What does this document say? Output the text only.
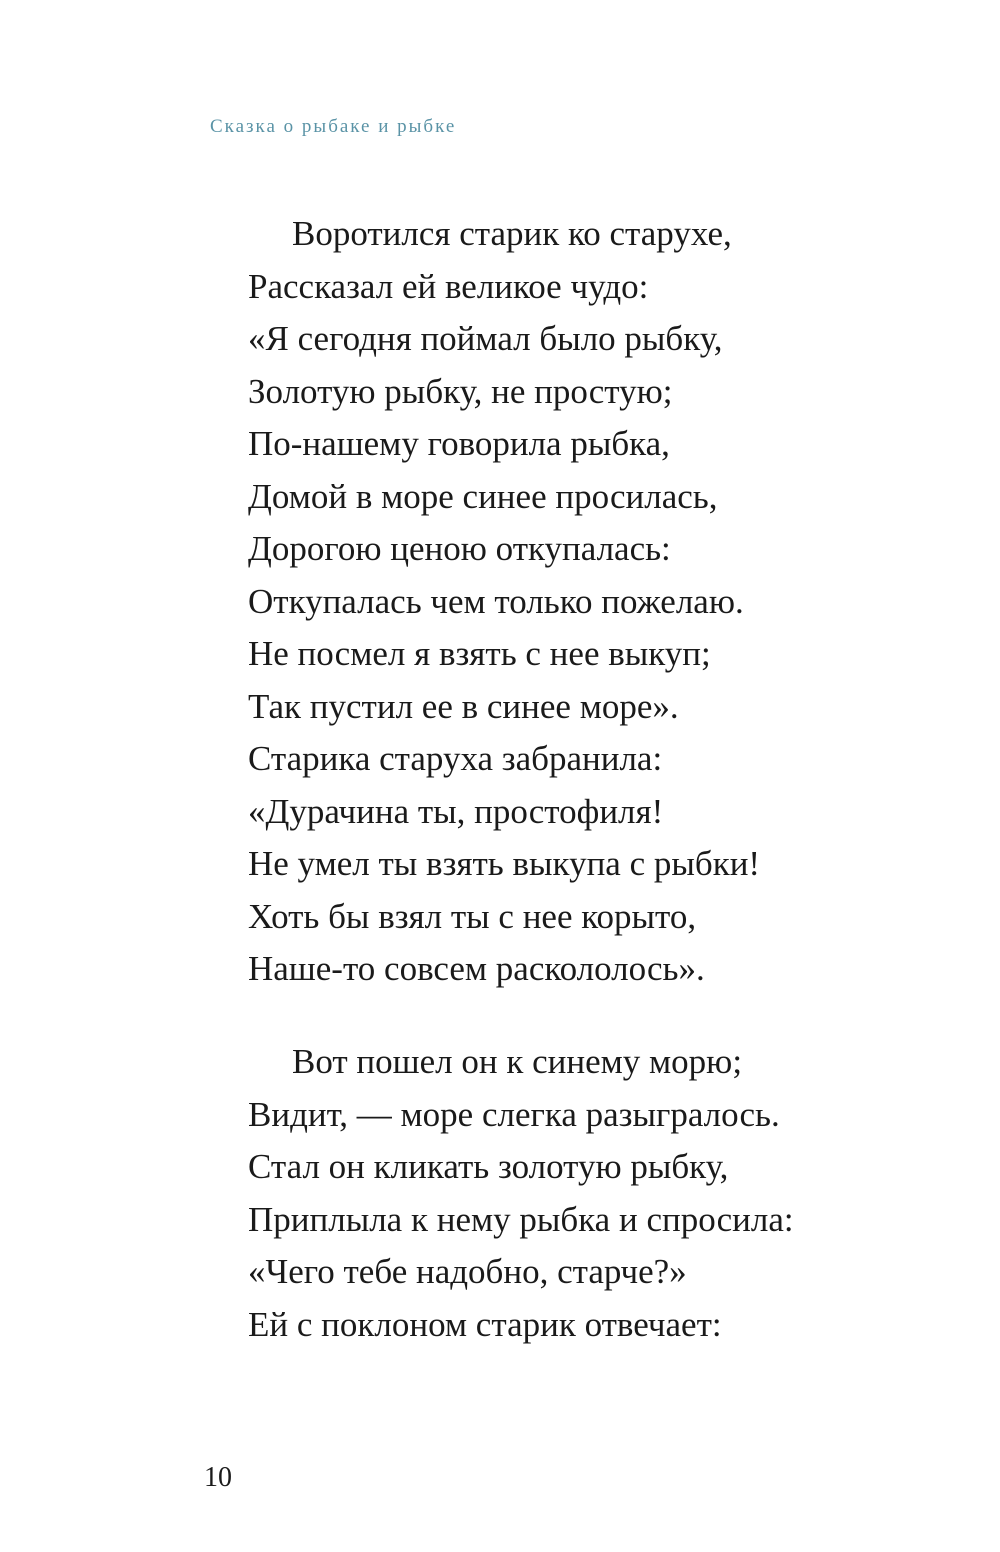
Сказка о рыбаке и рыбке
Воротился старик ко старухе,
Рассказал ей великое чудо:
«Я сегодня поймал было рыбку,
Золотую рыбку, не простую;
По-нашему говорила рыбка,
Домой в море синее просилась,
Дорогою ценою откупалась:
Откупалась чем только пожелаю.
Не посмел я взять с нее выкуп;
Так пустил ее в синее море».
Старика старуха забранила:
«Дурачина ты, простофиля!
Не умел ты взять выкупа с рыбки!
Хоть бы взял ты с нее корыто,
Наше-то совсем раскололось».
Вот пошел он к синему морю;
Видит, — море слегка разыгралось.
Стал он кликать золотую рыбку,
Приплыла к нему рыбка и спросила:
«Чего тебе надобно, старче?»
Ей с поклоном старик отвечает:
10
